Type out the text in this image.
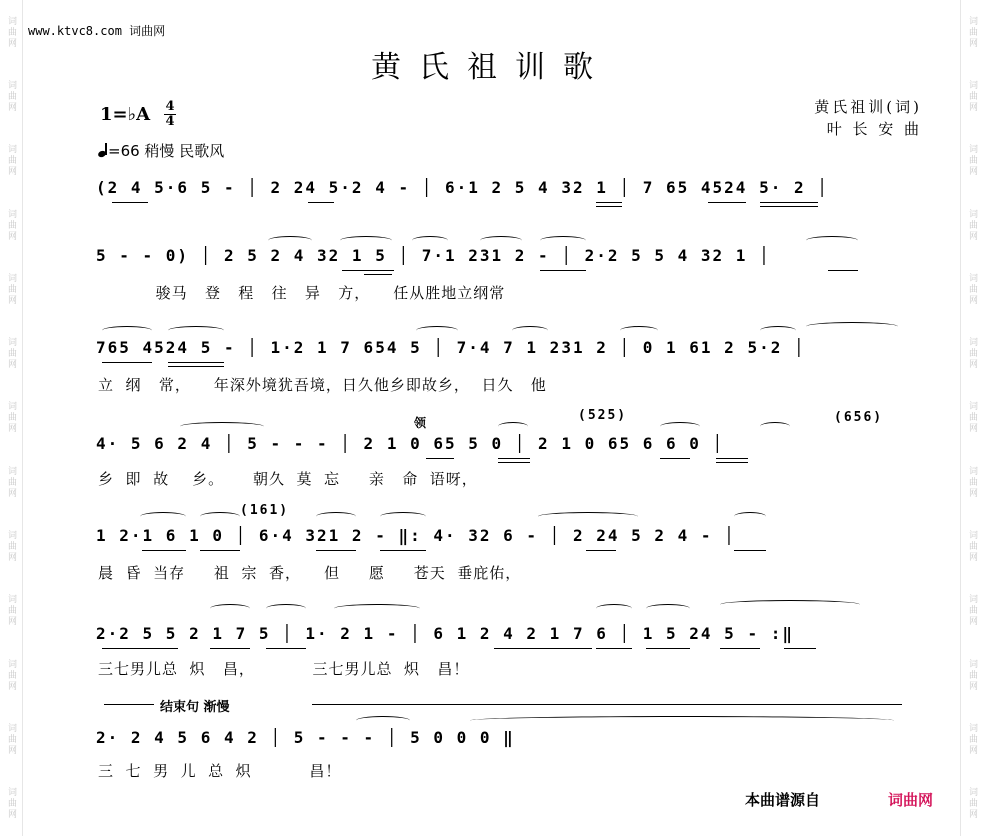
词曲网
词曲网
词曲网
词曲网
词曲网
词曲网
词曲网
词曲网
词曲网
词曲网
词曲网
词曲网
词曲网
词曲网
词曲网
词曲网
词曲网
词曲网
词曲网
词曲网
词曲网
词曲网
词曲网
词曲网
词曲网
词曲网
www.ktvc8.com 词曲网
黄氏祖训歌
1=♭A 4
4
=66 稍慢 民歌风
黄氏祖训(词)
叶 长 安 曲
(2 4 5·6 5 - │ 2 24 5·2 4 - │ 6·1 2 5 4 32 1 │ 7 65 4524 5· 2 │
5 - - 0) │ 2 5 2 4 32 1 5 │ 7·1 231 2 - │ 2·2 5 5 4 32 1 │
骏马   登   程   往   异   方，    任从胜地立纲常
765 4524 5 - │ 1·2 1 7 654 5 │ 7·4 7 1 231 2 │ 0 1 61 2 5·2 │
立  纲   常，    年深外境犹吾境，日久他乡即故乡，  日久   他
领	(525)	(656)
4· 5 6 2 4 │ 5 - - - │ 2 1 0 65 5 0 │ 2 1 0 65 6 6 0 │
乡  即  故    乡。     朝久  莫  忘     亲   命  语呀，
(161)
1 2·1 6 1 0 │ 6·4 321 2 - ‖: 4· 32 6 - │ 2 24 5 2 4 - │
晨  昏  当存     祖  宗  香，    但     愿     苍天  垂庇佑，
2·2 5 5 2 1 7 5 │ 1· 2 1 - │ 6 1 2 4 2 1 7 6 │ 1 5 24 5 - :‖
三七男儿总  炽   昌，          三七男儿总  炽   昌！
结束句 渐慢
2· 2 4 5 6 4 2 │ 5 - - - │ 5 0 0 0 ‖
三  七  男  儿  总  炽          昌！
本曲谱源自	词曲网
